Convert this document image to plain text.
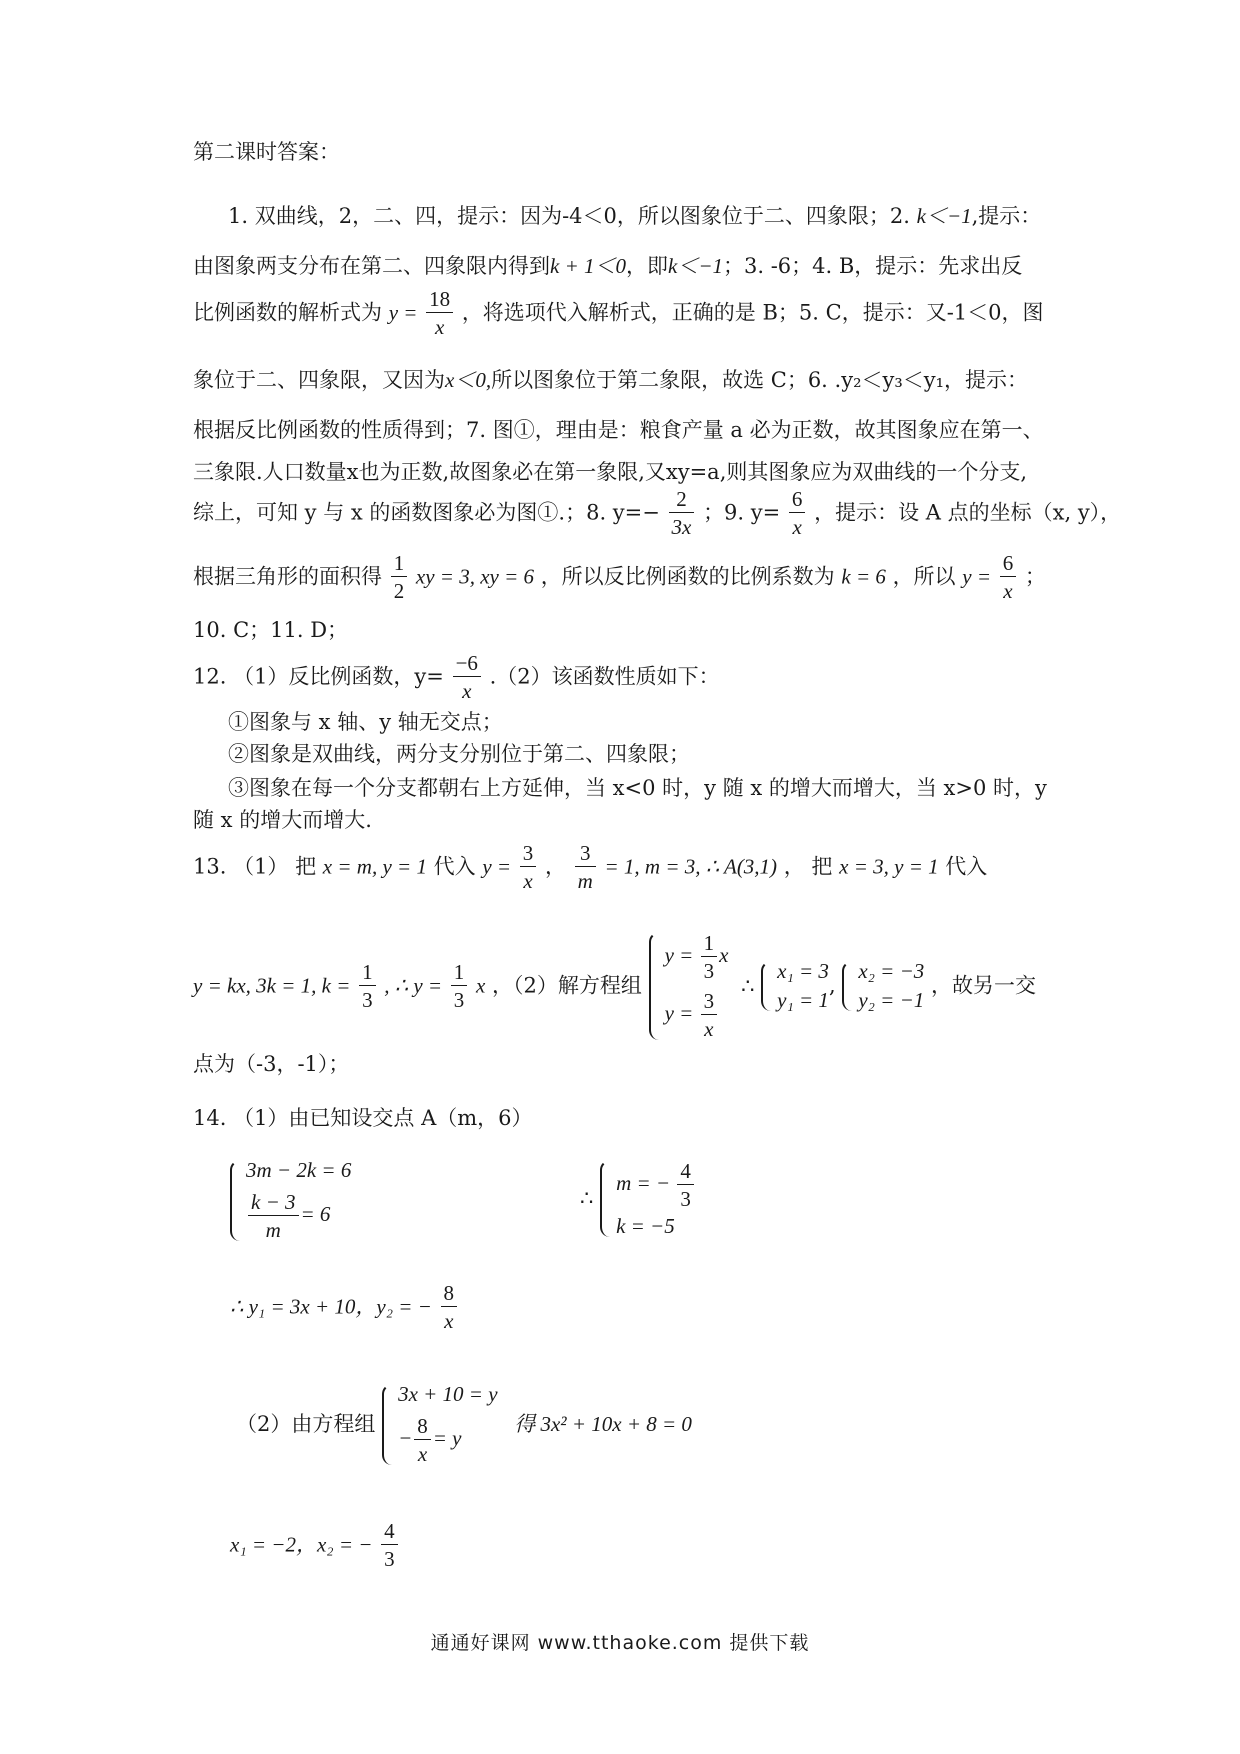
第二课时答案：
1. 双曲线，2，二、四，提示：因为-4＜0，所以图象位于二、四象限；2. k＜−1,提示：
由图象两支分布在第二、四象限内得到k + 1＜0，即k＜−1；3. -6；4. B，提示：先求出反
比例函数的解析式为 $y = \frac{18}{x}$ ，将选项代入解析式，正确的是 B；5. C，提示：又-1＜0，图
象位于二、四象限，又因为x＜0,所以图象位于第二象限，故选 C；6. .y₂＜y₃＜y₁，提示：
根据反比例函数的性质得到；7. 图①，理由是：粮食产量 a 必为正数，故其图象应在第一、
三象限.人口数量x也为正数,故图象必在第一象限,又xy=a,则其图象应为双曲线的一个分支,
综上，可知 y 与 x 的函数图象必为图①.；8. $y=- \frac{2}{3x}$ ；9. $y= \frac{6}{x}$ ，提示：设 A 点的坐标（x, y），
根据三角形的面积得 $\frac{1}{2}$ xy = 3, xy = 6 ，所以反比例函数的比例系数为 k = 6 ，所以 $y = \frac{6}{x}$ ；
10. C；11. D；
12. （1）反比例函数，$y= \frac{-6}{x} .(2)$该函数性质如下：
①图象与 x 轴、y 轴无交点；
②图象是双曲线，两分支分别位于第二、四象限；
③图象在每一个分支都朝右上方延伸，当 x<0 时，y 随 x 的增大而增大，当 x>0 时，y
随 x 的增大而增大.
13. （1） 把 x = m, y = 1 代入 $y = \frac{3}{x}$ ， $\frac{3}{m} = 1$, m = 3, ∴ A(3,1) ， 把 x = 3, y = 1 代入
y = kx, 3k = 1, $k = \frac{1}{3}$ , ∴ $y = \frac{1}{3}$ x ，（2）解方程组
$y = \frac{1}{3}$ x
$y = \frac{3}{x}$
∴
x₁ = 3
y₁ = 1
,
x₂ = −3
y₂ = −1
，故另一交
点为（-3，-1）；
14. （1）由已知设交点 A（m，6）
3m − 2k = 6
$\frac{k - 3}{m} = 6$
∴
m = − $\frac{4}{3}$
k = −5
∴ y₁ = 3x + 10，y₂ = − $\frac{8}{x}$
（2）由方程组
3x + 10 = y
− $\frac{8}{x} = y$
得 3x² + 10x + 8 = 0
x₁ = −2，x₂ = − $\frac{4}{3}$
通通好课网 www.tthaoke.com 提供下载
